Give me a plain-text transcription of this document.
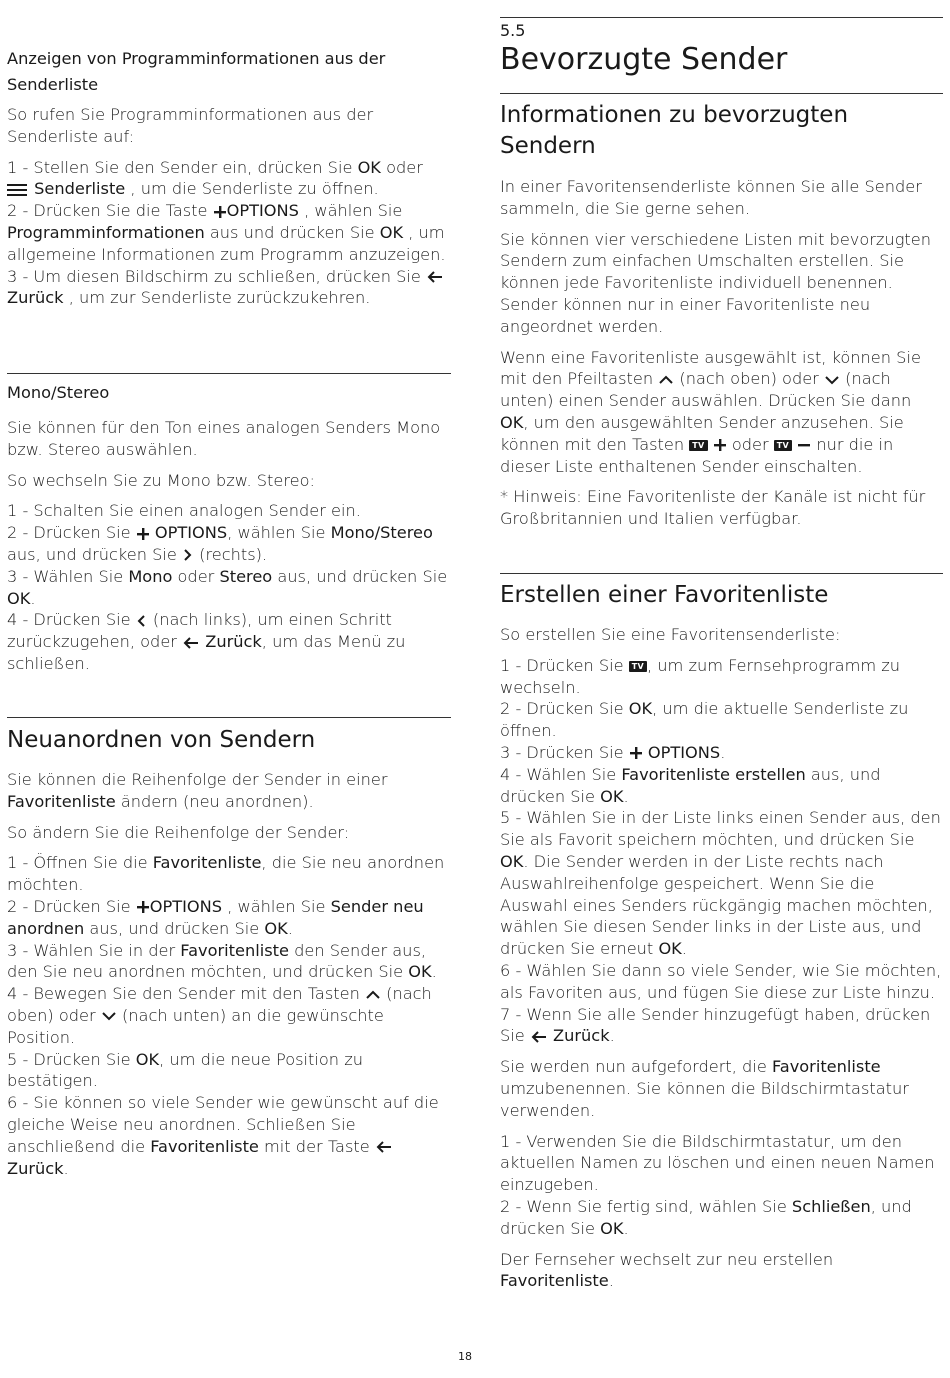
Anzeigen von Programminformationen aus der
Senderliste

So rufen Sie Programminformationen aus der Senderliste auf:

1 - Stellen Sie den Sender ein, drücken Sie OK oder
Senderliste , um die Senderliste zu öffnen.
2 - Drücken Sie die Taste OPTIONS , wählen Sie Programminformationen aus und drücken Sie OK , um allgemeine Informationen zum Programm anzuzeigen.
3 - Um diesen Bildschirm zu schließen, drücken Sie Zurück , um zur Senderliste zurückzukehren.

Mono/Stereo

Sie können für den Ton eines analogen Senders Mono bzw. Stereo auswählen.

So wechseln Sie zu Mono bzw. Stereo:

1 - Schalten Sie einen analogen Sender ein.
2 - Drücken Sie  OPTIONS, wählen Sie Mono/Stereo aus, und drücken Sie  (rechts).
3 - Wählen Sie Mono oder Stereo aus, und drücken Sie OK.
4 - Drücken Sie  (nach links), um einen Schritt zurückzugehen, oder  Zurück, um das Menü zu schließen.

Neuanordnen von Sendern

Sie können die Reihenfolge der Sender in einer Favoritenliste ändern (neu anordnen).

So ändern Sie die Reihenfolge der Sender:

1 - Öffnen Sie die Favoritenliste, die Sie neu anordnen möchten.
2 - Drücken Sie OPTIONS , wählen Sie Sender neu anordnen aus, und drücken Sie OK.
3 - Wählen Sie in der Favoritenliste den Sender aus, den Sie neu anordnen möchten, und drücken Sie OK.
4 - Bewegen Sie den Sender mit den Tasten  (nach oben) oder  (nach unten) an die gewünschte Position.
5 - Drücken Sie OK, um die neue Position zu bestätigen.
6 - Sie können so viele Sender wie gewünscht auf die gleiche Weise neu anordnen. Schließen Sie anschließend die Favoritenliste mit der Taste  Zurück.

5.5

Bevorzugte Sender

Informationen zu bevorzugten Sendern

In einer Favoritensenderliste können Sie alle Sender sammeln, die Sie gerne sehen.

Sie können vier verschiedene Listen mit bevorzugten Sendern zum einfachen Umschalten erstellen. Sie können jede Favoritenliste individuell benennen. Sender können nur in einer Favoritenliste neu angeordnet werden.

Wenn eine Favoritenliste ausgewählt ist, können Sie mit den Pfeiltasten  (nach oben) oder  (nach unten) einen Sender auswählen. Drücken Sie dann OK, um den ausgewählten Sender anzusehen. Sie können mit den Tasten TV  oder TV  nur die in dieser Liste enthaltenen Sender einschalten.

* Hinweis: Eine Favoritenliste der Kanäle ist nicht für Großbritannien und Italien verfügbar.

Erstellen einer Favoritenliste

So erstellen Sie eine Favoritensenderliste:

1 - Drücken Sie TV , um zum Fernsehprogramm zu wechseln.
2 - Drücken Sie OK, um die aktuelle Senderliste zu öffnen.
3 - Drücken Sie  OPTIONS.
4 - Wählen Sie Favoritenliste erstellen aus, und drücken Sie OK.
5 - Wählen Sie in der Liste links einen Sender aus, den Sie als Favorit speichern möchten, und drücken Sie OK. Die Sender werden in der Liste rechts nach Auswahlreihenfolge gespeichert. Wenn Sie die Auswahl eines Senders rückgängig machen möchten, wählen Sie diesen Sender links in der Liste aus, und drücken Sie erneut OK.
6 - Wählen Sie dann so viele Sender, wie Sie möchten, als Favoriten aus, und fügen Sie diese zur Liste hinzu.
7 - Wenn Sie alle Sender hinzugefügt haben, drücken Sie  Zurück.

Sie werden nun aufgefordert, die Favoritenliste umzubenennen. Sie können die Bildschirmtastatur verwenden.

1 - Verwenden Sie die Bildschirmtastatur, um den aktuellen Namen zu löschen und einen neuen Namen einzugeben.
2 - Wenn Sie fertig sind, wählen Sie Schließen, und drücken Sie OK.

Der Fernseher wechselt zur neu erstellen Favoritenliste.

18
